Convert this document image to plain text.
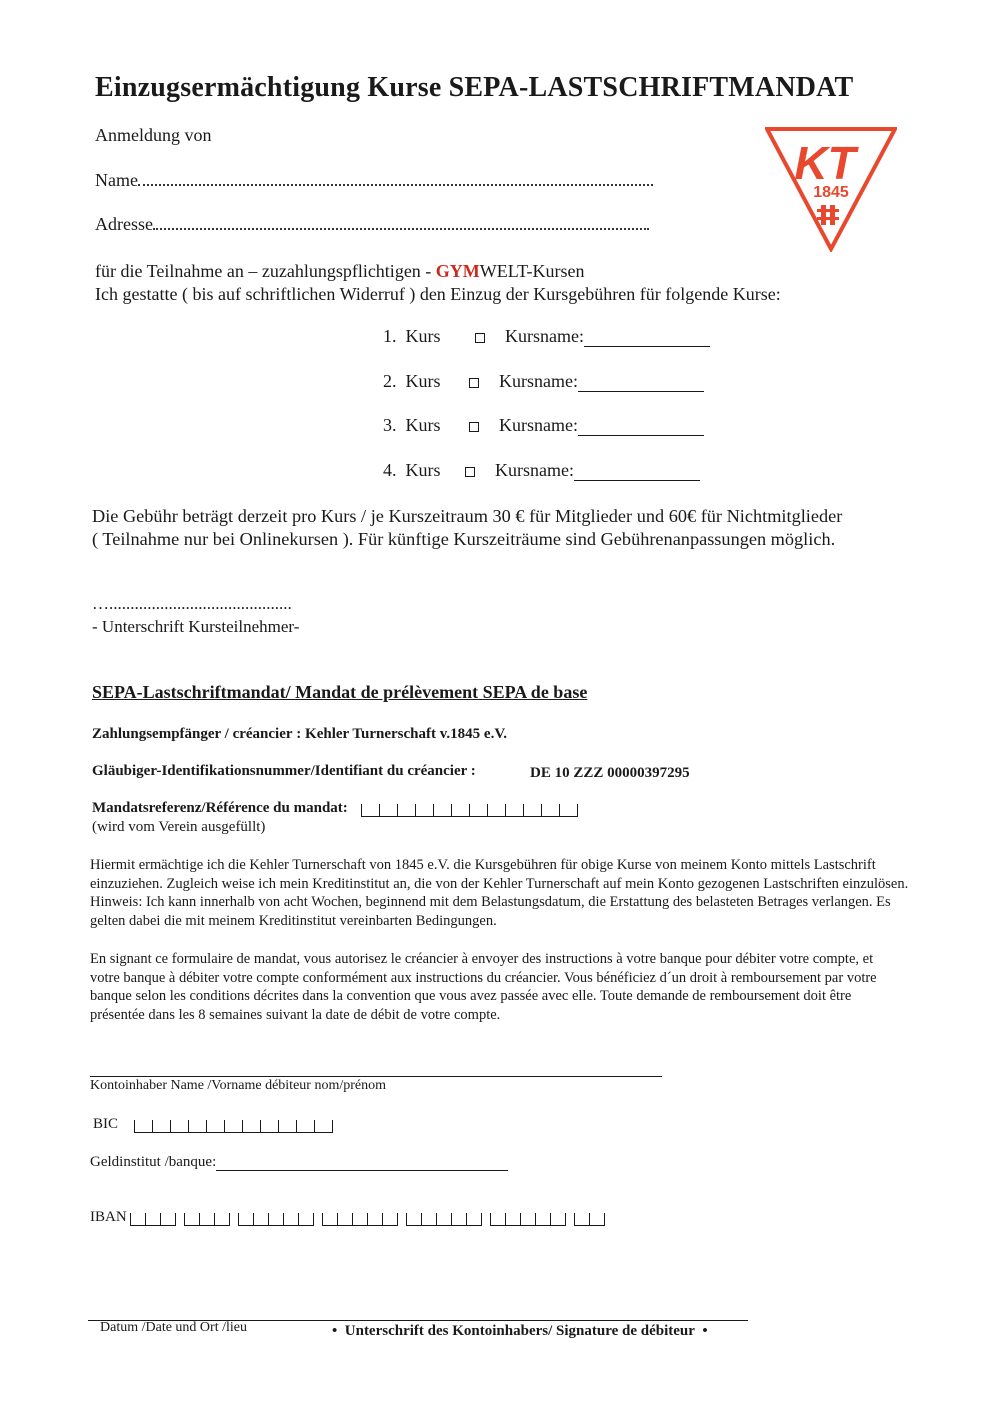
Einzugsermächtigung Kurse SEPA-LASTSCHRIFTMANDAT
KT
1845
Anmeldung von
Name
Adresse
für die Teilnahme an – zuzahlungspflichtigen - GYMWELT-Kursen
Ich gestatte ( bis auf schriftlichen Widerruf ) den Einzug der Kursgebühren für folgende Kurse:
1. Kurs	Kursname:
2. Kurs	Kursname:
3. Kurs	Kursname:
4. Kurs	Kursname:
Die Gebühr beträgt derzeit pro Kurs / je Kurszeitraum 30 € für Mitglieder und 60€ für Nichtmitglieder
( Teilnahme nur bei Onlinekursen ). Für künftige Kurszeiträume sind Gebührenanpassungen möglich.
…...........................................
- Unterschrift Kursteilnehmer-
SEPA-Lastschriftmandat/ Mandat de prélèvement SEPA de base
Zahlungsempfänger / créancier : Kehler Turnerschaft v.1845 e.V.
Gläubiger-Identifikationsnummer/Identifiant du créancier :	DE 10 ZZZ 00000397295
Mandatsreferenz/Référence du mandat:
(wird vom Verein ausgefüllt)
Hiermit ermächtige ich die Kehler Turnerschaft von 1845 e.V. die Kursgebühren für obige Kurse von meinem Konto mittels Lastschrift einzuziehen. Zugleich weise ich mein Kreditinstitut an, die von der Kehler Turnerschaft auf mein Konto gezogenen Lastschriften einzulösen. Hinweis: Ich kann innerhalb von acht Wochen, beginnend mit dem Belastungsdatum, die Erstattung des belasteten Betrages verlangen. Es gelten dabei die mit meinem Kreditinstitut vereinbarten Bedingungen.
En signant ce formulaire de mandat, vous autorisez le créancier à envoyer des instructions à votre banque pour débiter votre compte, et votre banque à débiter votre compte conformément aux instructions du créancier. Vous bénéficiez d´un droit à remboursement par votre banque selon les conditions décrites dans la convention que vous avez passée avec elle. Toute demande de remboursement doit être présentée dans les 8 semaines suivant la date de débit de votre compte.
Kontoinhaber Name /Vorname débiteur nom/prénom
BIC
Geldinstitut /banque:
IBAN
Datum /Date und Ort /lieu	• Unterschrift des Kontoinhabers/ Signature de débiteur •
